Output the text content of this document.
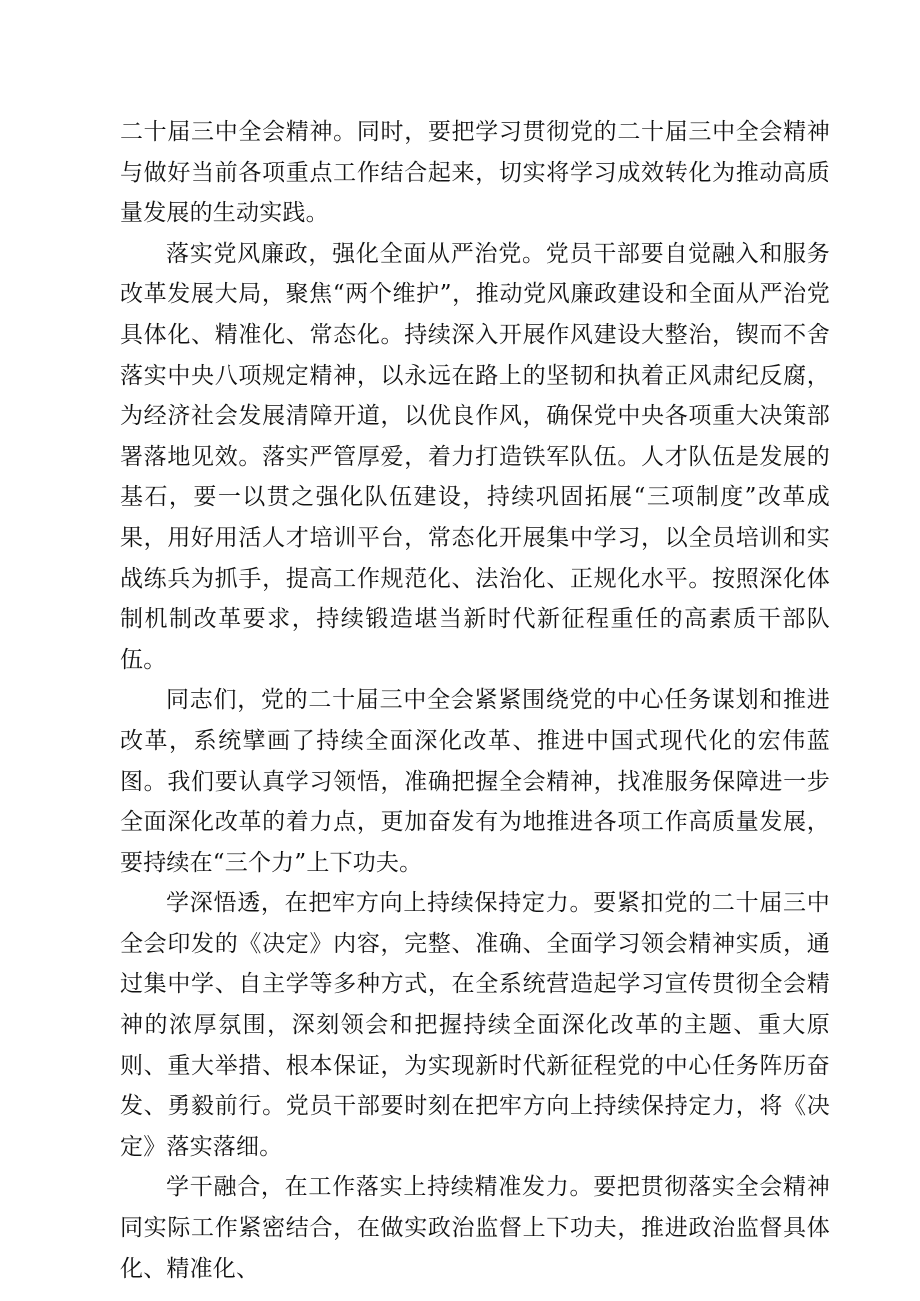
二十届三中全会精神。同时，要把学习贯彻党的二十届三中全会精神与做好当前各项重点工作结合起来，切实将学习成效转化为推动高质量发展的生动实践。

落实党风廉政，强化全面从严治党。党员干部要自觉融入和服务改革发展大局，聚焦“两个维护”，推动党风廉政建设和全面从严治党具体化、精准化、常态化。持续深入开展作风建设大整治，锲而不舍落实中央八项规定精神，以永远在路上的坚韧和执着正风肃纪反腐，为经济社会发展清障开道，以优良作风，确保党中央各项重大决策部署落地见效。落实严管厚爱，着力打造铁军队伍。人才队伍是发展的基石，要一以贯之强化队伍建设，持续巩固拓展“三项制度”改革成果，用好用活人才培训平台，常态化开展集中学习，以全员培训和实战练兵为抓手，提高工作规范化、法治化、正规化水平。按照深化体制机制改革要求，持续锻造堪当新时代新征程重任的高素质干部队伍。

同志们，党的二十届三中全会紧紧围绕党的中心任务谋划和推进改革，系统擘画了持续全面深化改革、推进中国式现代化的宏伟蓝图。我们要认真学习领悟，准确把握全会精神，找准服务保障进一步全面深化改革的着力点，更加奋发有为地推进各项工作高质量发展，要持续在“三个力”上下功夫。

学深悟透，在把牢方向上持续保持定力。要紧扣党的二十届三中全会印发的《决定》内容，完整、准确、全面学习领会精神实质，通过集中学、自主学等多种方式，在全系统营造起学习宣传贯彻全会精神的浓厚氛围，深刻领会和把握持续全面深化改革的主题、重大原则、重大举措、根本保证，为实现新时代新征程党的中心任务阵历奋发、勇毅前行。党员干部要时刻在把牢方向上持续保持定力，将《决定》落实落细。

学干融合，在工作落实上持续精准发力。要把贯彻落实全会精神同实际工作紧密结合，在做实政治监督上下功夫，推进政治监督具体化、精准化、
